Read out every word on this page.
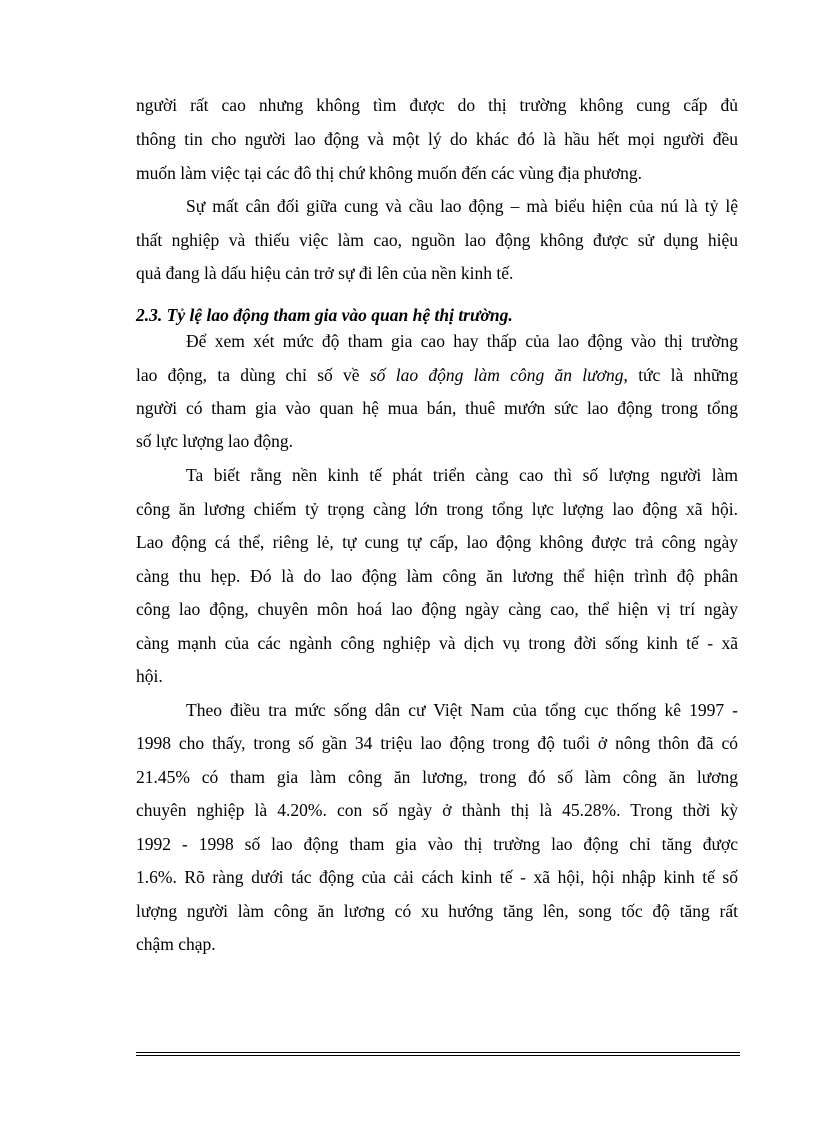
người rất cao nhưng không tìm được do thị trường không cung cấp đủ
thông tin cho người lao động và một lý do khác đó là hầu hết mọi người đều
muốn làm việc tại các đô thị chứ không muốn đến các vùng địa phương.
Sự mất cân đối giữa cung và cầu lao động – mà biểu hiện của nú là tỷ lệ
thất nghiệp và thiếu việc làm cao, nguồn lao động không được sử dụng hiệu
quả đang là dấu hiệu cản trở sự đi lên của nền kinh tế.
2.3. Tỷ lệ lao động tham gia vào quan hệ thị trường.
Để xem xét mức độ tham gia cao hay thấp của lao động vào thị trường
lao động, ta dùng chỉ số về số lao động làm công ăn lương, tức là những
người có tham gia vào quan hệ mua bán, thuê mướn sức lao động trong tổng
số lực lượng lao động.
Ta biết rằng nền kinh tế phát triển càng cao thì số lượng người làm
công ăn lương chiếm tỷ trọng càng lớn trong tổng lực lượng lao động xã hội.
Lao động cá thể, riêng lẻ, tự cung tự cấp, lao động không được trả công ngày
càng thu hẹp. Đó là do lao động làm công ăn lương thể hiện trình độ phân
công lao động, chuyên môn hoá lao động ngày càng cao, thể hiện vị trí ngày
càng mạnh của các ngành công nghiệp và dịch vụ trong đời sống kinh tế - xã
hội.
Theo điều tra mức sống dân cư Việt Nam của tổng cục thống kê 1997 -
1998 cho thấy, trong số gần 34 triệu lao động trong độ tuổi ở nông thôn đã có
21.45% có tham gia làm công ăn lương, trong đó số làm công ăn lương
chuyên nghiệp là 4.20%. con số ngày ở thành thị là 45.28%. Trong thời kỳ
1992 - 1998 số lao động tham gia vào thị trường lao động chỉ tăng được
1.6%. Rõ ràng dưới tác động của cải cách kinh tế - xã hội, hội nhập kinh tế số
lượng người làm công ăn lương có xu hướng tăng lên, song tốc độ tăng rất
chậm chạp.
